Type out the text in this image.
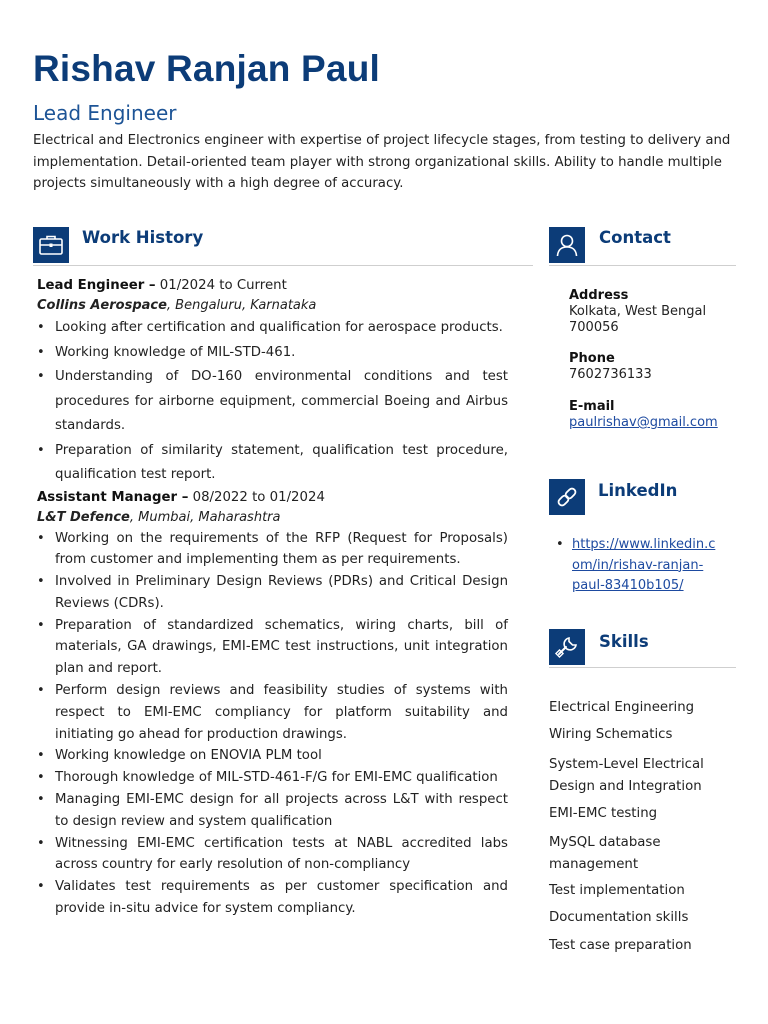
Rishav Ranjan Paul
Lead Engineer
Electrical and Electronics engineer with expertise of project lifecycle stages, from testing to delivery and implementation. Detail-oriented team player with strong organizational skills. Ability to handle multiple projects simultaneously with a high degree of accuracy.
Work History
Lead Engineer – 01/2024 to Current
Collins Aerospace, Bengaluru, Karnataka
• Looking after certification and qualification for aerospace products.
• Working knowledge of MIL-STD-461.
• Understanding of DO-160 environmental conditions and test procedures for airborne equipment, commercial Boeing and Airbus standards.
• Preparation of similarity statement, qualification test procedure, qualification test report.
Assistant Manager – 08/2022 to 01/2024
L&T Defence, Mumbai, Maharashtra
• Working on the requirements of the RFP (Request for Proposals) from customer and implementing them as per requirements.
• Involved in Preliminary Design Reviews (PDRs) and Critical Design Reviews (CDRs).
• Preparation of standardized schematics, wiring charts, bill of materials, GA drawings, EMI-EMC test instructions, unit integration plan and report.
• Perform design reviews and feasibility studies of systems with respect to EMI-EMC compliancy for platform suitability and initiating go ahead for production drawings.
• Working knowledge on ENOVIA PLM tool
• Thorough knowledge of MIL-STD-461-F/G for EMI-EMC qualification
• Managing EMI-EMC design for all projects across L&T with respect to design review and system qualification
• Witnessing EMI-EMC certification tests at NABL accredited labs across country for early resolution of non-compliancy
• Validates test requirements as per customer specification and provide in-situ advice for system compliancy.
Contact
Address
Kolkata, West Bengal
700056
Phone
7602736133
E-mail
paulrishav@gmail.com
LinkedIn
• https://www.linkedin.c
om/in/rishav-ranjan-
paul-83410b105/
Skills
Electrical Engineering
Wiring Schematics
System-Level Electrical Design and Integration
EMI-EMC testing
MySQL database management
Test implementation
Documentation skills
Test case preparation
